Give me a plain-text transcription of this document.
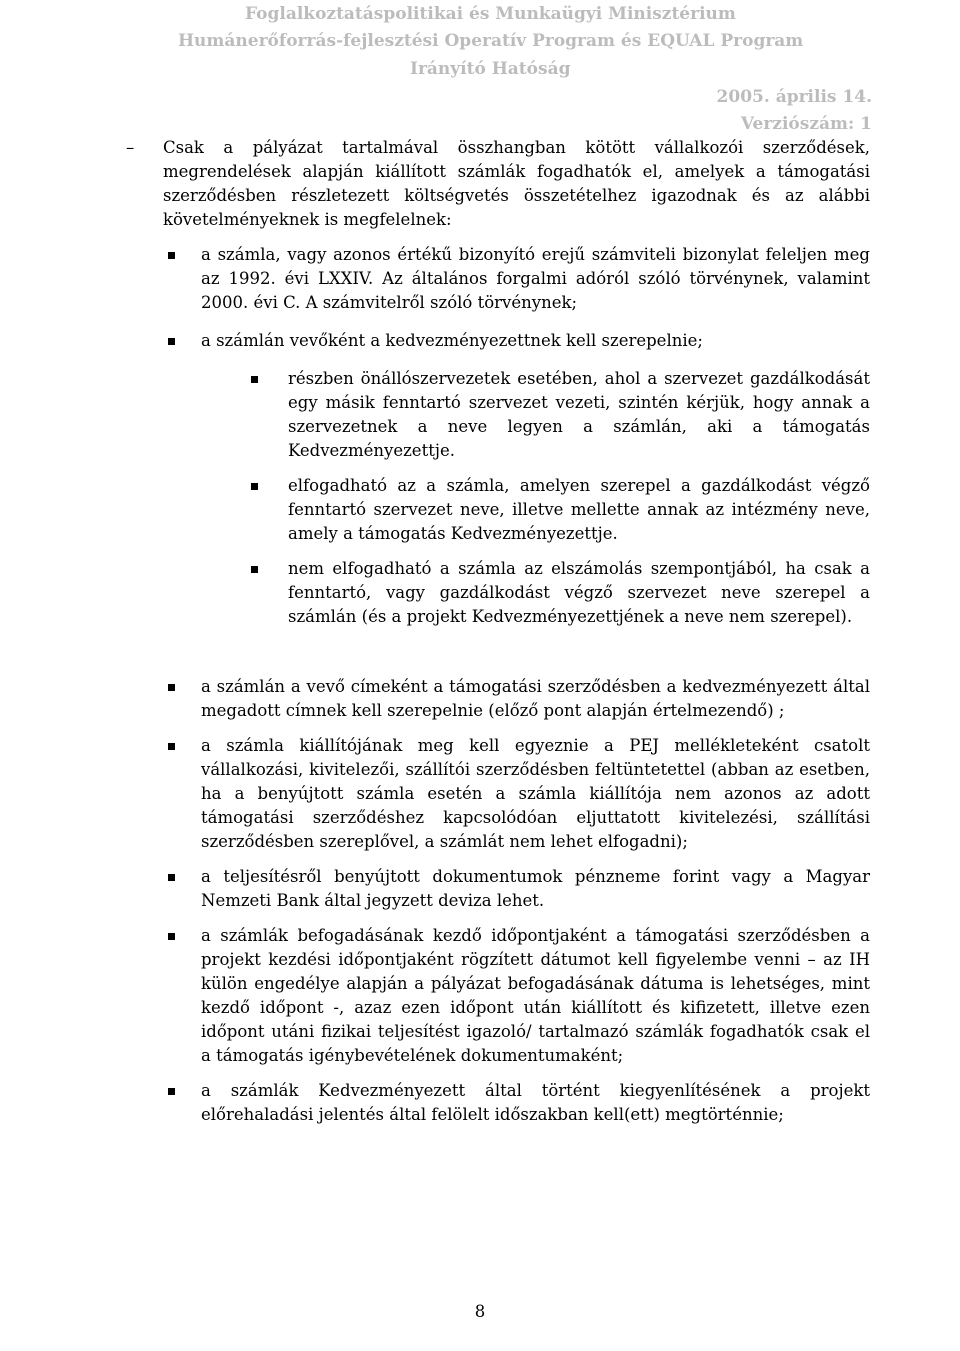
Foglalkoztatáspolitikai és Munkaügyi Minisztérium
Humánerőforrás-fejlesztési Operatív Program és EQUAL Program
Irányító Hatóság
2005. április 14.
Verziószám: 1

– Csak a pályázat tartalmával összhangban kötött vállalkozói szerződések, megrendelések alapján kiállított számlák fogadhatók el, amelyek a támogatási szerződésben részletezett költségvetés összetételhez igazodnak és az alábbi követelményeknek is megfelelnek:

a számla, vagy azonos értékű bizonyító erejű számviteli bizonylat feleljen meg az 1992. évi LXXIV. Az általános forgalmi adóról szóló törvénynek, valamint 2000. évi C. A számvitelről szóló törvénynek;

a számlán vevőként a kedvezményezettnek kell szerepelnie;

részben önállószervezetek esetében, ahol a szervezet gazdálkodását egy másik fenntartó szervezet vezeti, szintén kérjük, hogy annak a szervezetnek a neve legyen a számlán, aki a támogatás Kedvezményezettje.

elfogadható az a számla, amelyen szerepel a gazdálkodást végző fenntartó szervezet neve, illetve mellette annak az intézmény neve, amely a támogatás Kedvezményezettje.

nem elfogadható a számla az elszámolás szempontjából, ha csak a fenntartó, vagy gazdálkodást végző szervezet neve szerepel a számlán (és a projekt Kedvezményezettjének a neve nem szerepel).

a számlán a vevő címeként a támogatási szerződésben a kedvezményezett által megadott címnek kell szerepelnie (előző pont alapján értelmezendő) ;

a számla kiállítójának meg kell egyeznie a PEJ mellékleteként csatolt vállalkozási, kivitelezői, szállítói szerződésben feltüntetettel (abban az esetben, ha a benyújtott számla esetén a számla kiállítója nem azonos az adott támogatási szerződéshez kapcsolódóan eljuttatott kivitelezési, szállítási szerződésben szereplővel, a számlát nem lehet elfogadni);

a teljesítésről benyújtott dokumentumok pénzneme forint vagy a Magyar Nemzeti Bank által jegyzett deviza lehet.

a számlák befogadásának kezdő időpontjaként a támogatási szerződésben a projekt kezdési időpontjaként rögzített dátumot kell figyelembe venni – az IH külön engedélye alapján a pályázat befogadásának dátuma is lehetséges, mint kezdő időpont -, azaz ezen időpont után kiállított és kifizetett, illetve ezen időpont utáni fizikai teljesítést igazoló/ tartalmazó számlák fogadhatók csak el a támogatás igénybevételének dokumentumaként;

a számlák Kedvezményezett által történt kiegyenlítésének a projekt előrehaladási jelentés által felölelt időszakban kell(ett) megtörténnie;

8
